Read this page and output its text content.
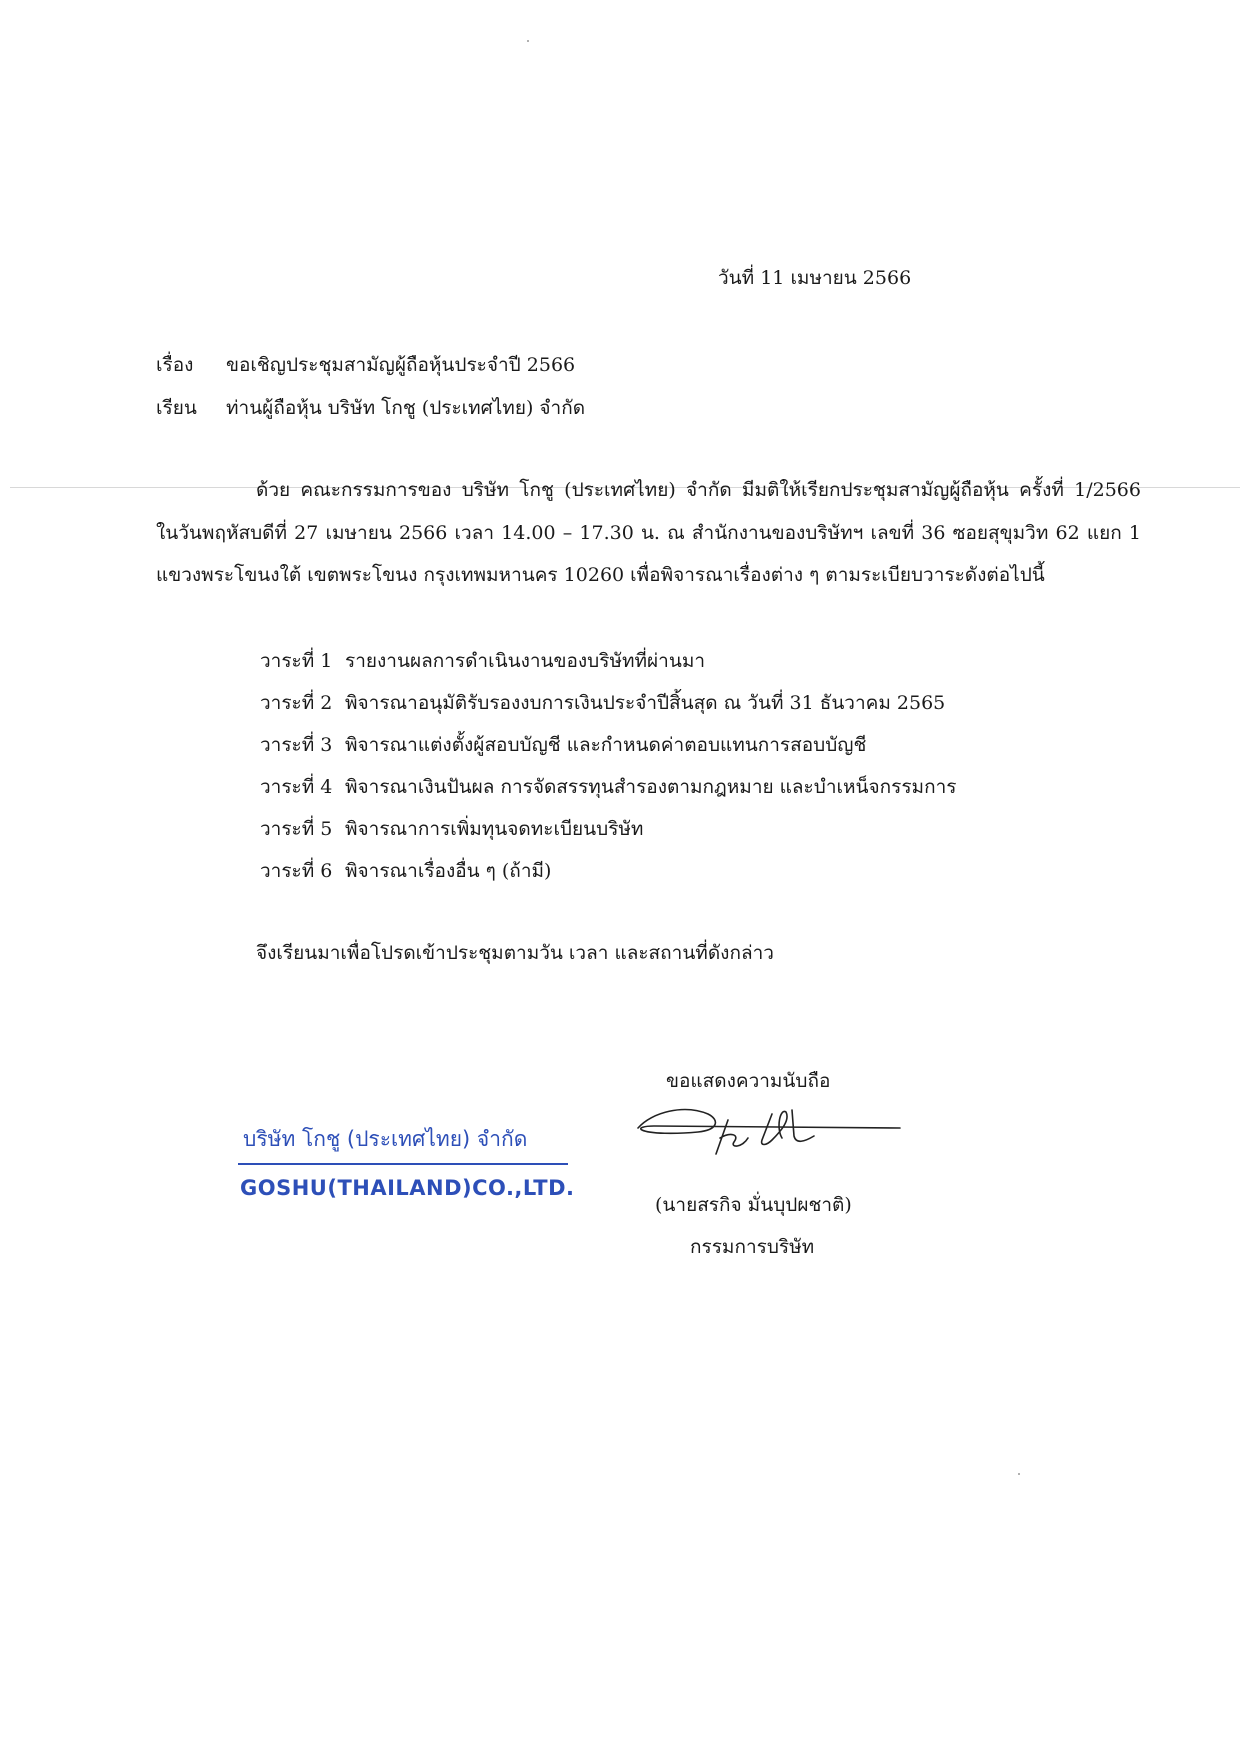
วันที่ 11 เมษายน 2566
เรื่อง ขอเชิญประชุมสามัญผู้ถือหุ้นประจำปี 2566
เรียน ท่านผู้ถือหุ้น บริษัท โกชู (ประเทศไทย) จำกัด
ด้วย คณะกรรมการของ บริษัท โกชู (ประเทศไทย) จำกัด มีมติให้เรียกประชุมสามัญผู้ถือหุ้น ครั้งที่ 1/2566
ในวันพฤหัสบดีที่ 27 เมษายน 2566 เวลา 14.00 – 17.30 น. ณ สำนักงานของบริษัทฯ เลขที่ 36 ซอยสุขุมวิท 62 แยก 1
แขวงพระโขนงใต้ เขตพระโขนง กรุงเทพมหานคร 10260 เพื่อพิจารณาเรื่องต่าง ๆ ตามระเบียบวาระดังต่อไปนี้
วาระที่ 1 รายงานผลการดำเนินงานของบริษัทที่ผ่านมา
วาระที่ 2 พิจารณาอนุมัติรับรองงบการเงินประจำปีสิ้นสุด ณ วันที่ 31 ธันวาคม 2565
วาระที่ 3 พิจารณาแต่งตั้งผู้สอบบัญชี และกำหนดค่าตอบแทนการสอบบัญชี
วาระที่ 4 พิจารณาเงินปันผล การจัดสรรทุนสำรองตามกฎหมาย และบำเหน็จกรรมการ
วาระที่ 5 พิจารณาการเพิ่มทุนจดทะเบียนบริษัท
วาระที่ 6 พิจารณาเรื่องอื่น ๆ (ถ้ามี)
จึงเรียนมาเพื่อโปรดเข้าประชุมตามวัน เวลา และสถานที่ดังกล่าว
ขอแสดงความนับถือ
บริษัท โกชู (ประเทศไทย) จำกัด
GOSHU(THAILAND)CO.,LTD.
(นายสรกิจ มั่นบุปผชาติ)
กรรมการบริษัท
